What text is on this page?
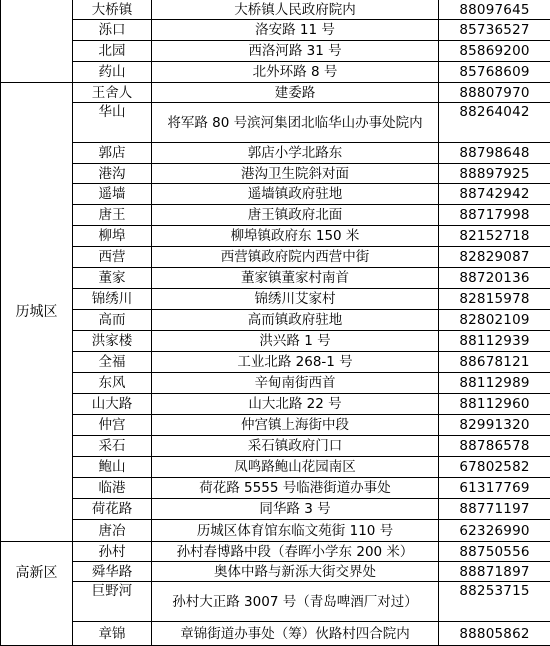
	大桥镇	大桥镇人民政府院内	88097645
	泺口	洛安路 11 号	85736527
	北园	西洛河路 31 号	85869200
	药山	北外环路 8 号	85768609
历城区	王舍人	建委路	88807970
	华山	将军路 80 号滨河集团北临华山办事处院内	88264042
	郭店	郭店小学北路东	88798648
	港沟	港沟卫生院斜对面	88897925
	遥墙	遥墙镇政府驻地	88742942
	唐王	唐王镇政府北面	88717998
	柳埠	柳埠镇政府东 150 米	82152718
	西营	西营镇政府院内西营中街	82829087
	董家	董家镇董家村南首	88720136
	锦绣川	锦绣川艾家村	82815978
	高而	高而镇政府驻地	82802109
	洪家楼	洪兴路 1 号	88112939
	全福	工业北路 268-1 号	88678121
	东风	辛甸南街西首	88112989
	山大路	山大北路 22 号	88112960
	仲宫	仲宫镇上海街中段	82991320
	采石	采石镇政府门口	88786578
	鲍山	凤鸣路鲍山花园南区	67802582
	临港	荷花路 5555 号临港街道办事处	61317769
	荷花路	同华路 3 号	88771197
	唐冶	历城区体育馆东临文苑街 110 号	62326990
高新区	孙村	孙村春博路中段（春晖小学东 200 米）	88750556
	舜华路	奥体中路与新泺大街交界处	88871897
	巨野河	孙村大正路 3007 号（青岛啤酒厂对过）	88253715
	章锦	章锦街道办事处（筹）伙路村四合院内	88805862
